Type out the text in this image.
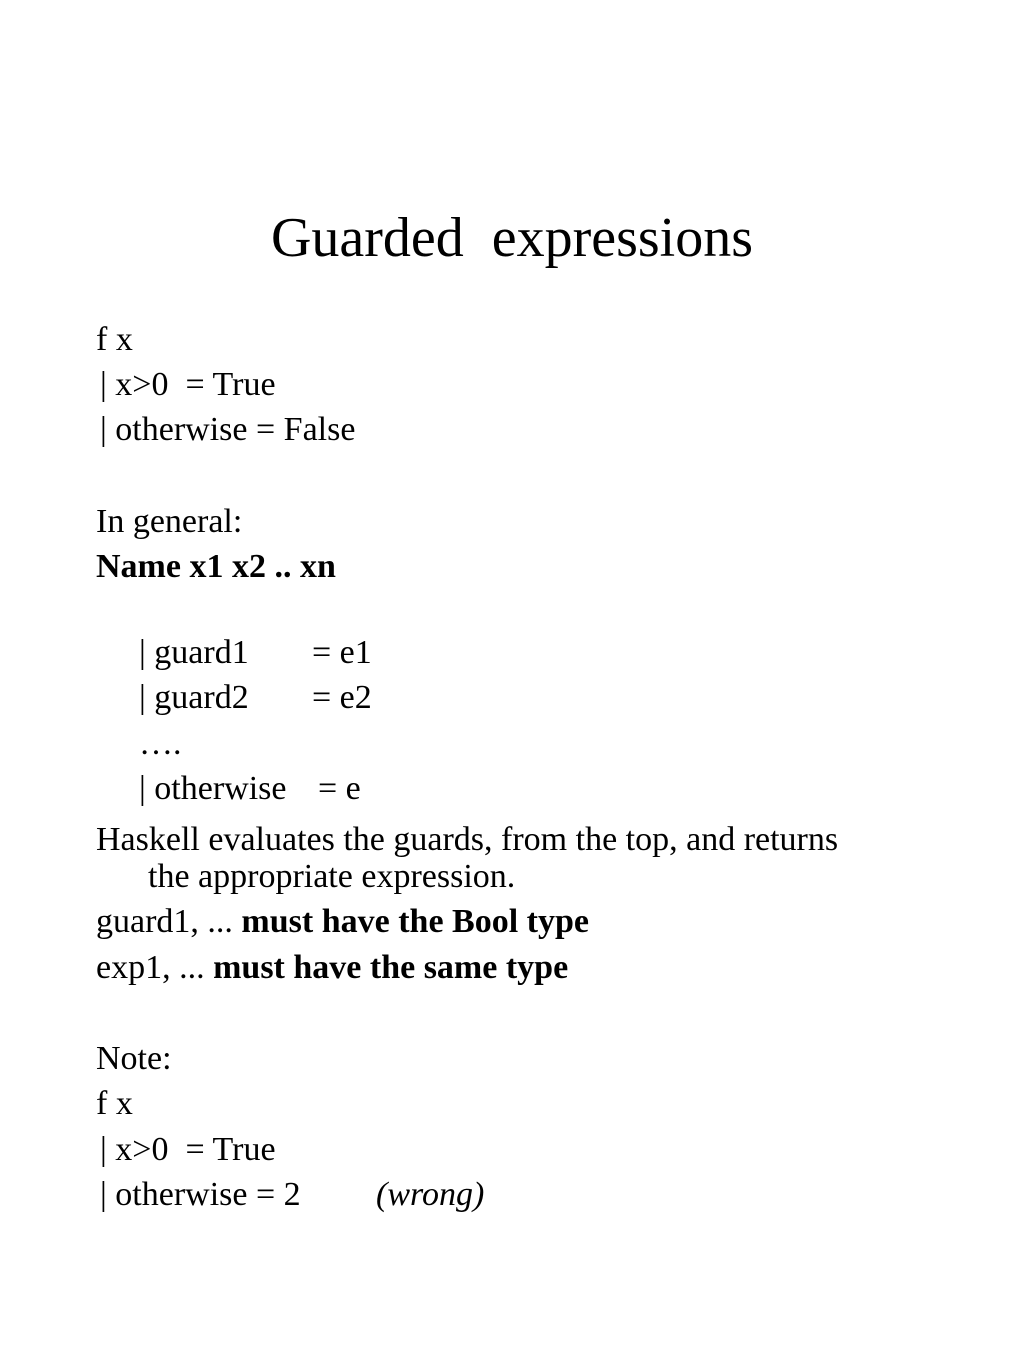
Guarded  expressions
f x
| x>0  = True
| otherwise = False
In general:
Name x1 x2 .. xn

| guard1 = e1

| guard2 = e2

….

| otherwise = e

Haskell evaluates the guards, from the top, and returns
the appropriate expression.
guard1, ... must have the Bool type
exp1, ... must have the same type
Note:
f x
| x>0  = True
| otherwise = 2 (wrong)
